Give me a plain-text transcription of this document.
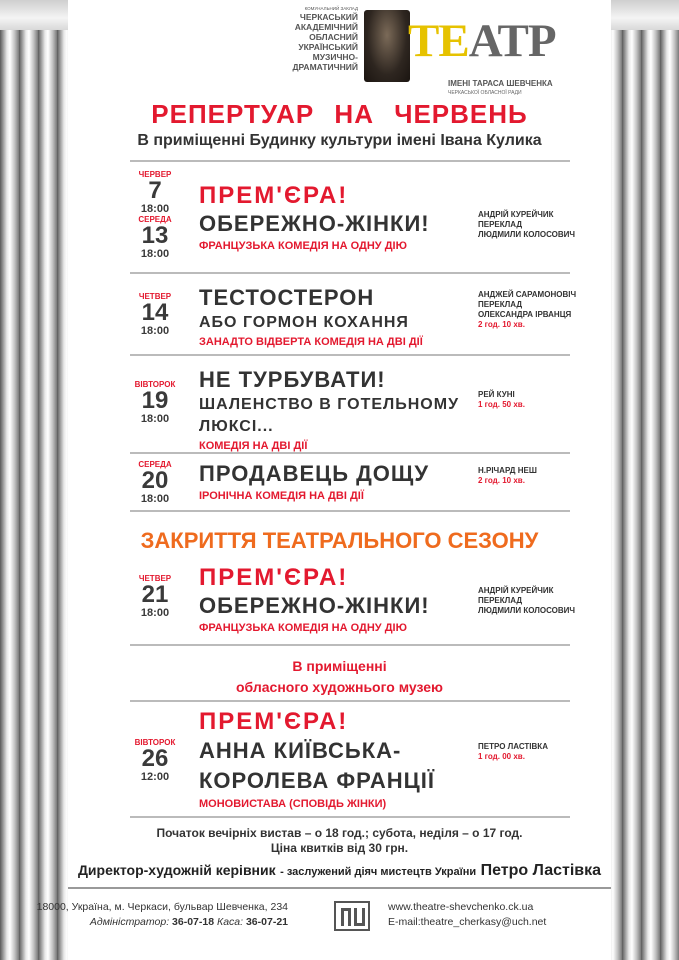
КОМУНАЛЬНИЙ ЗАКЛАД
ЧЕРКАСЬКИЙ
АКАДЕМІЧНИЙ
ОБЛАСНИЙ
УКРАЇНСЬКИЙ
МУЗИЧНО-
ДРАМАТИЧНИЙ ТЕАТР
ІМЕНІ ТАРАСА ШЕВЧЕНКА
ЧЕРКАСЬКОЇ ОБЛАСНОЇ РАДИ
РЕПЕРТУАР НА ЧЕРВЕНЬ
В приміщенні Будинку культури імені Івана Кулика
ЧЕРВЕР
7
18:00
СЕРЕДА
13
18:00
ПРЕМ'ЄРА!
ОБЕРЕЖНО-ЖІНКИ!
ФРАНЦУЗЬКА КОМЕДІЯ НА ОДНУ ДІЮ
АНДРІЙ КУРЕЙЧИК
ПЕРЕКЛАД
ЛЮДМИЛИ КОЛОСОВИЧ
ЧЕТВЕР
14
18:00
ТЕСТОСТЕРОН
АБО ГОРМОН КОХАННЯ
ЗАНАДТО ВІДВЕРТА КОМЕДІЯ НА ДВІ ДІЇ
АНДЖЕЙ САРАМОНОВІЧ
ПЕРЕКЛАД
ОЛЕКСАНДРА ІРВАНЦЯ
2 год. 10 хв.
ВІВТОРОК
19
18:00
НЕ ТУРБУВАТИ!
ШАЛЕНСТВО В ГОТЕЛЬНОМУ
ЛЮКСІ...
КОМЕДІЯ НА ДВІ ДІЇ
РЕЙ КУНІ
1 год. 50 хв.
СЕРЕДА
20
18:00
ПРОДАВЕЦЬ ДОЩУ
ІРОНІЧНА КОМЕДІЯ НА ДВІ ДІЇ
Н.РІЧАРД НЕШ
2 год. 10 хв.
ЗАКРИТТЯ ТЕАТРАЛЬНОГО СЕЗОНУ
ЧЕТВЕР
21
18:00
ПРЕМ'ЄРА!
ОБЕРЕЖНО-ЖІНКИ!
ФРАНЦУЗЬКА КОМЕДІЯ НА ОДНУ ДІЮ
АНДРІЙ КУРЕЙЧИК
ПЕРЕКЛАД
ЛЮДМИЛИ КОЛОСОВИЧ
В приміщенні
обласного художнього музею
ВІВТОРОК
26
12:00
ПРЕМ'ЄРА!
АННА КИЇВСЬКА-
КОРОЛЕВА ФРАНЦІЇ
МОНОВИСТАВА (СПОВІДЬ ЖІНКИ)
ПЕТРО ЛАСТІВКА
1 год. 00 хв.
Початок вечірніх вистав – о 18 год.; субота, неділя – о 17 год.
Ціна квитків від 30 грн.
Директор-художній керівник - заслужений діяч мистецтв України Петро Ластівка
18000, Україна, м. Черкаси, бульвар Шевченка, 234
Адміністратор: 36-07-18 Каса: 36-07-21
www.theatre-shevchenko.ck.ua
E-mail:theatre_cherkasy@uch.net
